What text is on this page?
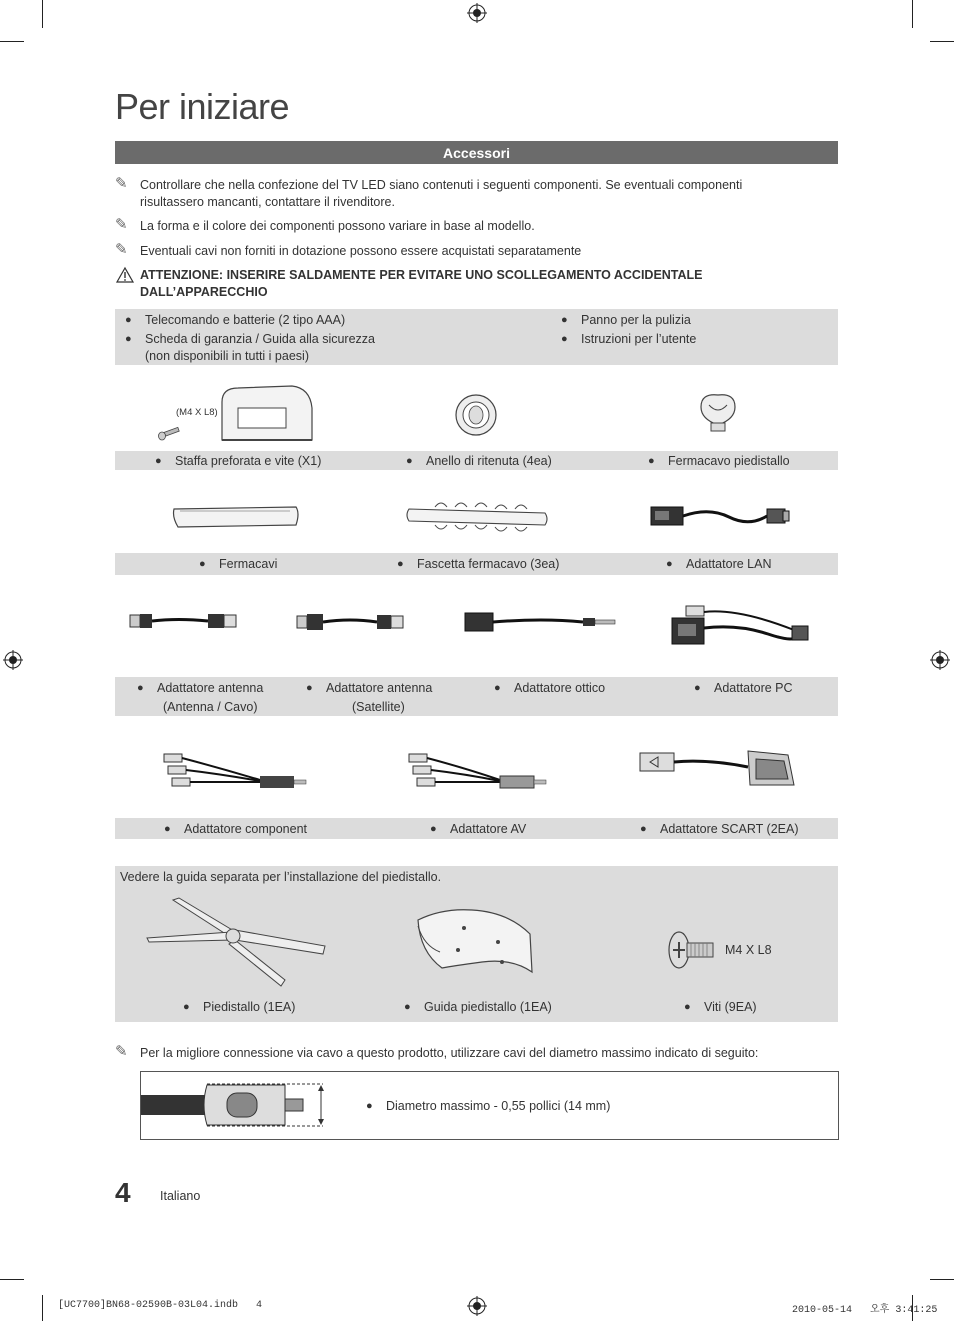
Per iniziare
Accessori
✎ Controllare che nella confezione del TV LED siano contenuti i seguenti componenti. Se eventuali componenti
risultassero mancanti, contattare il rivenditore.
✎ La forma e il colore dei componenti possono variare in base al modello.
✎ Eventuali cavi non forniti in dotazione possono essere acquistati separatamente
ATTENZIONE: INSERIRE SALDAMENTE PER EVITARE UNO SCOLLEGAMENTO ACCIDENTALE
DALL’APPARECCHIO
● Telecomando e batterie (2 tipo AAA)
● Scheda di garanzia / Guida alla sicurezza
(non disponibili in tutti i paesi)
● Panno per la pulizia
● Istruzioni per l’utente
(M4 X L8)
● Staffa preforata e vite (X1)	● Anello di ritenuta (4ea)	● Fermacavo piedistallo
● Fermacavi	● Fascetta fermacavo (3ea)	● Adattatore LAN
● Adattatore antenna
(Antenna / Cavo)
● Adattatore antenna
(Satellite)
● Adattatore ottico	● Adattatore PC
● Adattatore component	● Adattatore AV	● Adattatore SCART (2EA)
Vedere la guida separata per l’installazione del piedistallo.
M4 X L8
● Piedistallo (1EA)	● Guida piedistallo (1EA)	● Viti (9EA)
✎ Per la migliore connessione via cavo a questo prodotto, utilizzare cavi del diametro massimo indicato di seguito:
● Diametro massimo - 0,55 pollici (14 mm)
4 Italiano
[UC7700]BN68-02590B-03L04.indb   4	2010-05-14   오후 3:41:25
